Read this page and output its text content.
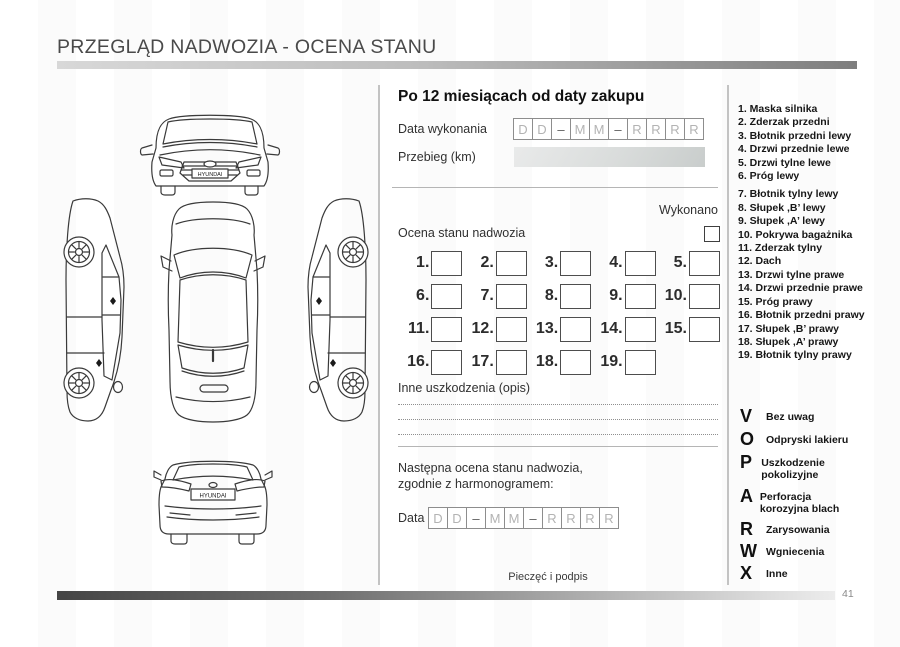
PRZEGLĄD NADWOZIA - OCENA STANU
HYUNDAI
HYUNDAI
Po 12 miesiącach od daty zakupu
Data wykonania	D D – M M – R R R R
Przebieg (km)
Wykonano
Ocena stanu nadwozia
1.	2.	3.	4.	5.
6.	7.	8.	9.	10.
11.	12.	13.	14.	15.
16.	17.	18.	19.
Inne uszkodzenia (opis)
Następna ocena stanu nadwozia,
zgodnie z harmonogramem:
Data D D – M M – R R R R
Pieczęć i podpis
1. Maska silnika
2. Zderzak przedni
3. Błotnik przedni lewy
4. Drzwi przednie lewe
5. Drzwi tylne lewe
6. Próg lewy
7. Błotnik tylny lewy
8. Słupek ,B’ lewy
9. Słupek ,A’ lewy
10. Pokrywa bagażnika
11. Zderzak tylny
12. Dach
13. Drzwi tylne prawe
14. Drzwi przednie prawe
15. Próg prawy
16. Błotnik przedni prawy
17. Słupek ,B’ prawy
18. Słupek ,A’ prawy
19. Błotnik tylny prawy
V	Bez uwag
O	Odpryski lakieru
P Uszkodzenie pokolizyjne
A Perforacja korozyjna blach
R	Zarysowania
W Wgniecenia
X	Inne
41
